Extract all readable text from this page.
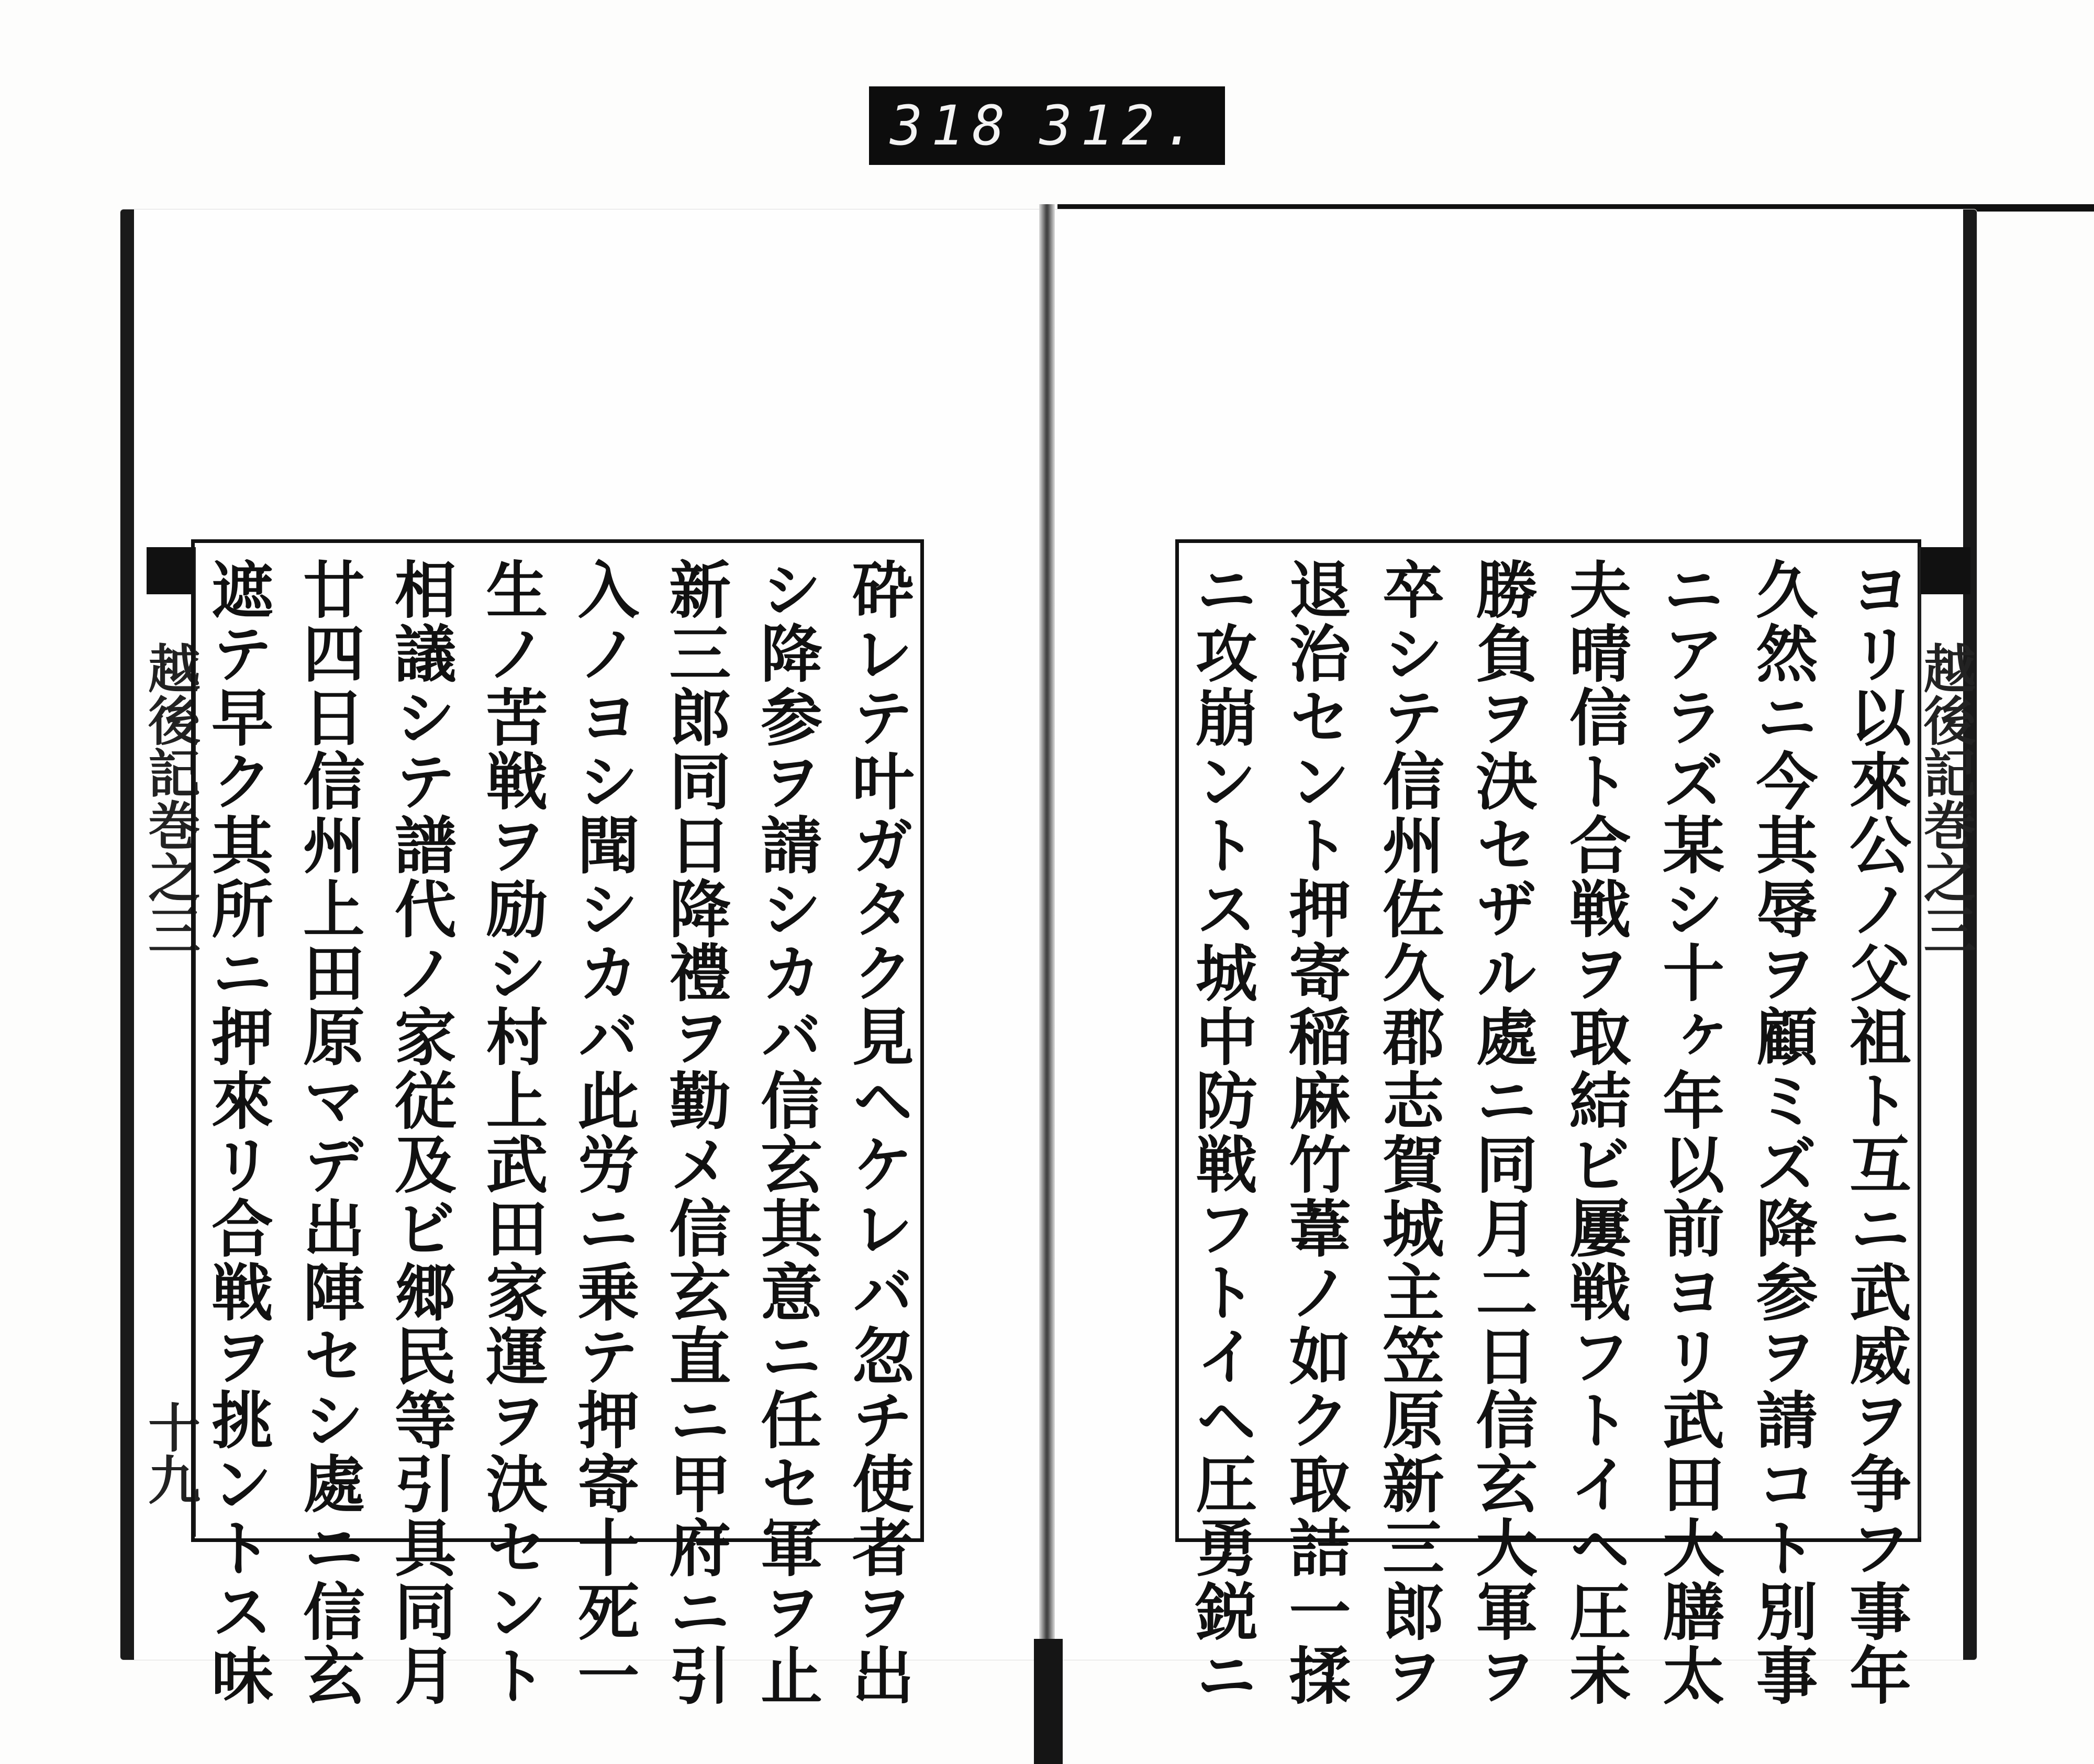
318 312.
越後記巻之三
十九	砕レテ叶ガタク見ヘケレバ忽チ使者ヲ出
シ降参ヲ請シカバ信玄其意ニ任セ軍ヲ止
新三郎同日降禮ヲ勤メ信玄直ニ甲府ニ引
入ノヨシ聞シカバ此労ニ乗テ押寄十死一
生ノ苦戦ヲ励シ村上武田家運ヲ決セント
相議シテ譜代ノ家従及ビ郷民等引具同月
廿四日信州上田原マデ出陣セシ處ニ信玄
遮テ早ク其所ニ押來リ合戦ヲ挑ントス味	ヨリ以來公ノ父祖ト互ニ武威ヲ争フ事年
久然ニ今其辱ヲ顧ミズ降参ヲ請コト別事
ニアラズ某シ十ヶ年以前ヨリ武田大膳太
夫晴信ト合戦ヲ取結ビ屢戦フトイヘ圧未
勝負ヲ決セザル處ニ同月二日信玄大軍ヲ
卒シテ信州佐久郡志賀城主笠原新三郎ヲ
退治セント押寄稲麻竹葦ノ如ク取詰一揉
ニ攻崩ントス城中防戦フトイヘ圧勇鋭ニ	越後記巻之三
